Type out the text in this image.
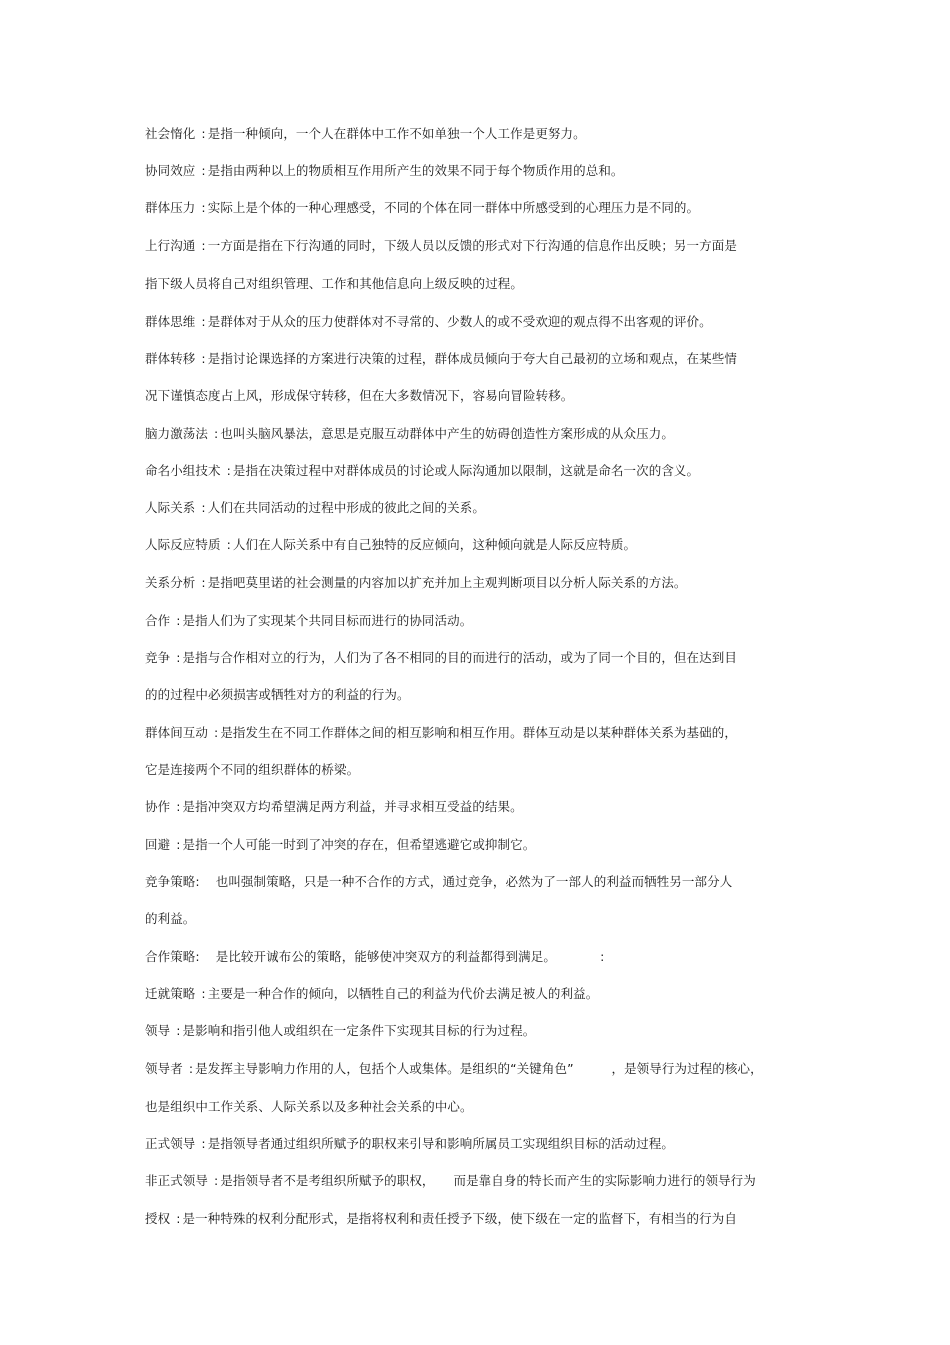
社会惰化 : 是指一种倾向，一个人在群体中工作不如单独一个人工作是更努力。
协同效应 : 是指由两种以上的物质相互作用所产生的效果不同于每个物质作用的总和。
群体压力 : 实际上是个体的一种心理感受，不同的个体在同一群体中所感受到的心理压力是不同的。
上行沟通 : 一方面是指在下行沟通的同时，下级人员以反馈的形式对下行沟通的信息作出反映；另一方面是
指下级人员将自己对组织管理、工作和其他信息向上级反映的过程。
群体思维 : 是群体对于从众的压力使群体对不寻常的、少数人的或不受欢迎的观点得不出客观的评价。
群体转移 : 是指讨论课选择的方案进行决策的过程，群体成员倾向于夸大自己最初的立场和观点，在某些情
况下谨慎态度占上风，形成保守转移，但在大多数情况下，容易向冒险转移。
脑力激荡法 : 也叫头脑风暴法，意思是克服互动群体中产生的妨碍创造性方案形成的从众压力。
命名小组技术 : 是指在决策过程中对群体成员的讨论或人际沟通加以限制，这就是命名一次的含义。
人际关系 : 人们在共同活动的过程中形成的彼此之间的关系。
人际反应特质 : 人们在人际关系中有自己独特的反应倾向，这种倾向就是人际反应特质。
关系分析 : 是指吧莫里诺的社会测量的内容加以扩充并加上主观判断项目以分析人际关系的方法。
合作 : 是指人们为了实现某个共同目标而进行的协同活动。
竞争 : 是指与合作相对立的行为，人们为了各不相同的目的而进行的活动，或为了同一个目的，但在达到目
的的过程中必须损害或牺牲对方的利益的行为。
群体间互动 : 是指发生在不同工作群体之间的相互影响和相互作用。群体互动是以某种群体关系为基础的，
它是连接两个不同的组织群体的桥梁。
协作 : 是指冲突双方均希望满足两方利益，并寻求相互受益的结果。
回避 : 是指一个人可能一时到了冲突的存在，但希望逃避它或抑制它。
竞争策略: 也叫强制策略，只是一种不合作的方式，通过竞争，必然为了一部人的利益而牺牲另一部分人
的利益。
合作策略: 是比较开诚布公的策略，能够使冲突双方的利益都得到满足。　　　　:
迁就策略 : 主要是一种合作的倾向，以牺牲自己的利益为代价去满足被人的利益。
领导 : 是影响和指引他人或组织在一定条件下实现其目标的行为过程。
领导者 : 是发挥主导影响力作用的人，包括个人或集体。是组织的“关键角色”　　　，是领导行为过程的核心，
也是组织中工作关系、人际关系以及多种社会关系的中心。
正式领导 : 是指领导者通过组织所赋予的职权来引导和影响所属员工实现组织目标的活动过程。
非正式领导 : 是指领导者不是考组织所赋予的职权，　　而是靠自身的特长而产生的实际影响力进行的领导行为
授权 : 是一种特殊的权利分配形式，是指将权利和责任授予下级，使下级在一定的监督下，有相当的行为自
